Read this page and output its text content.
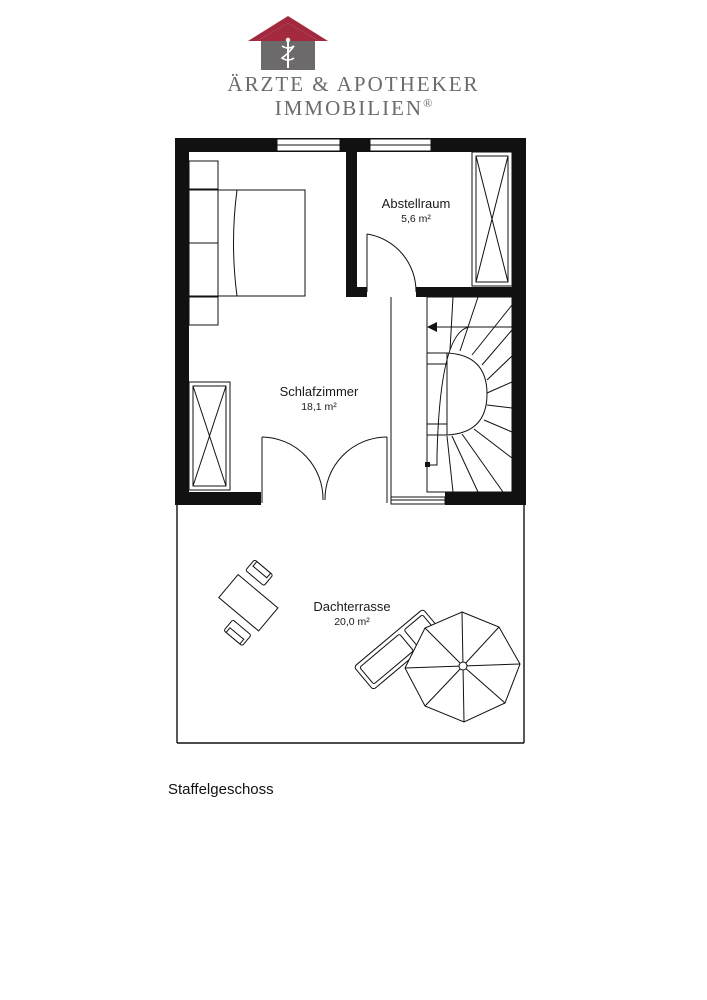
ÄRZTE & APOTHEKER
IMMOBILIEN®
Abstellraum
5,6 m²
Schlafzimmer
18,1 m²
Dachterrasse
20,0 m²
Staffelgeschoss
